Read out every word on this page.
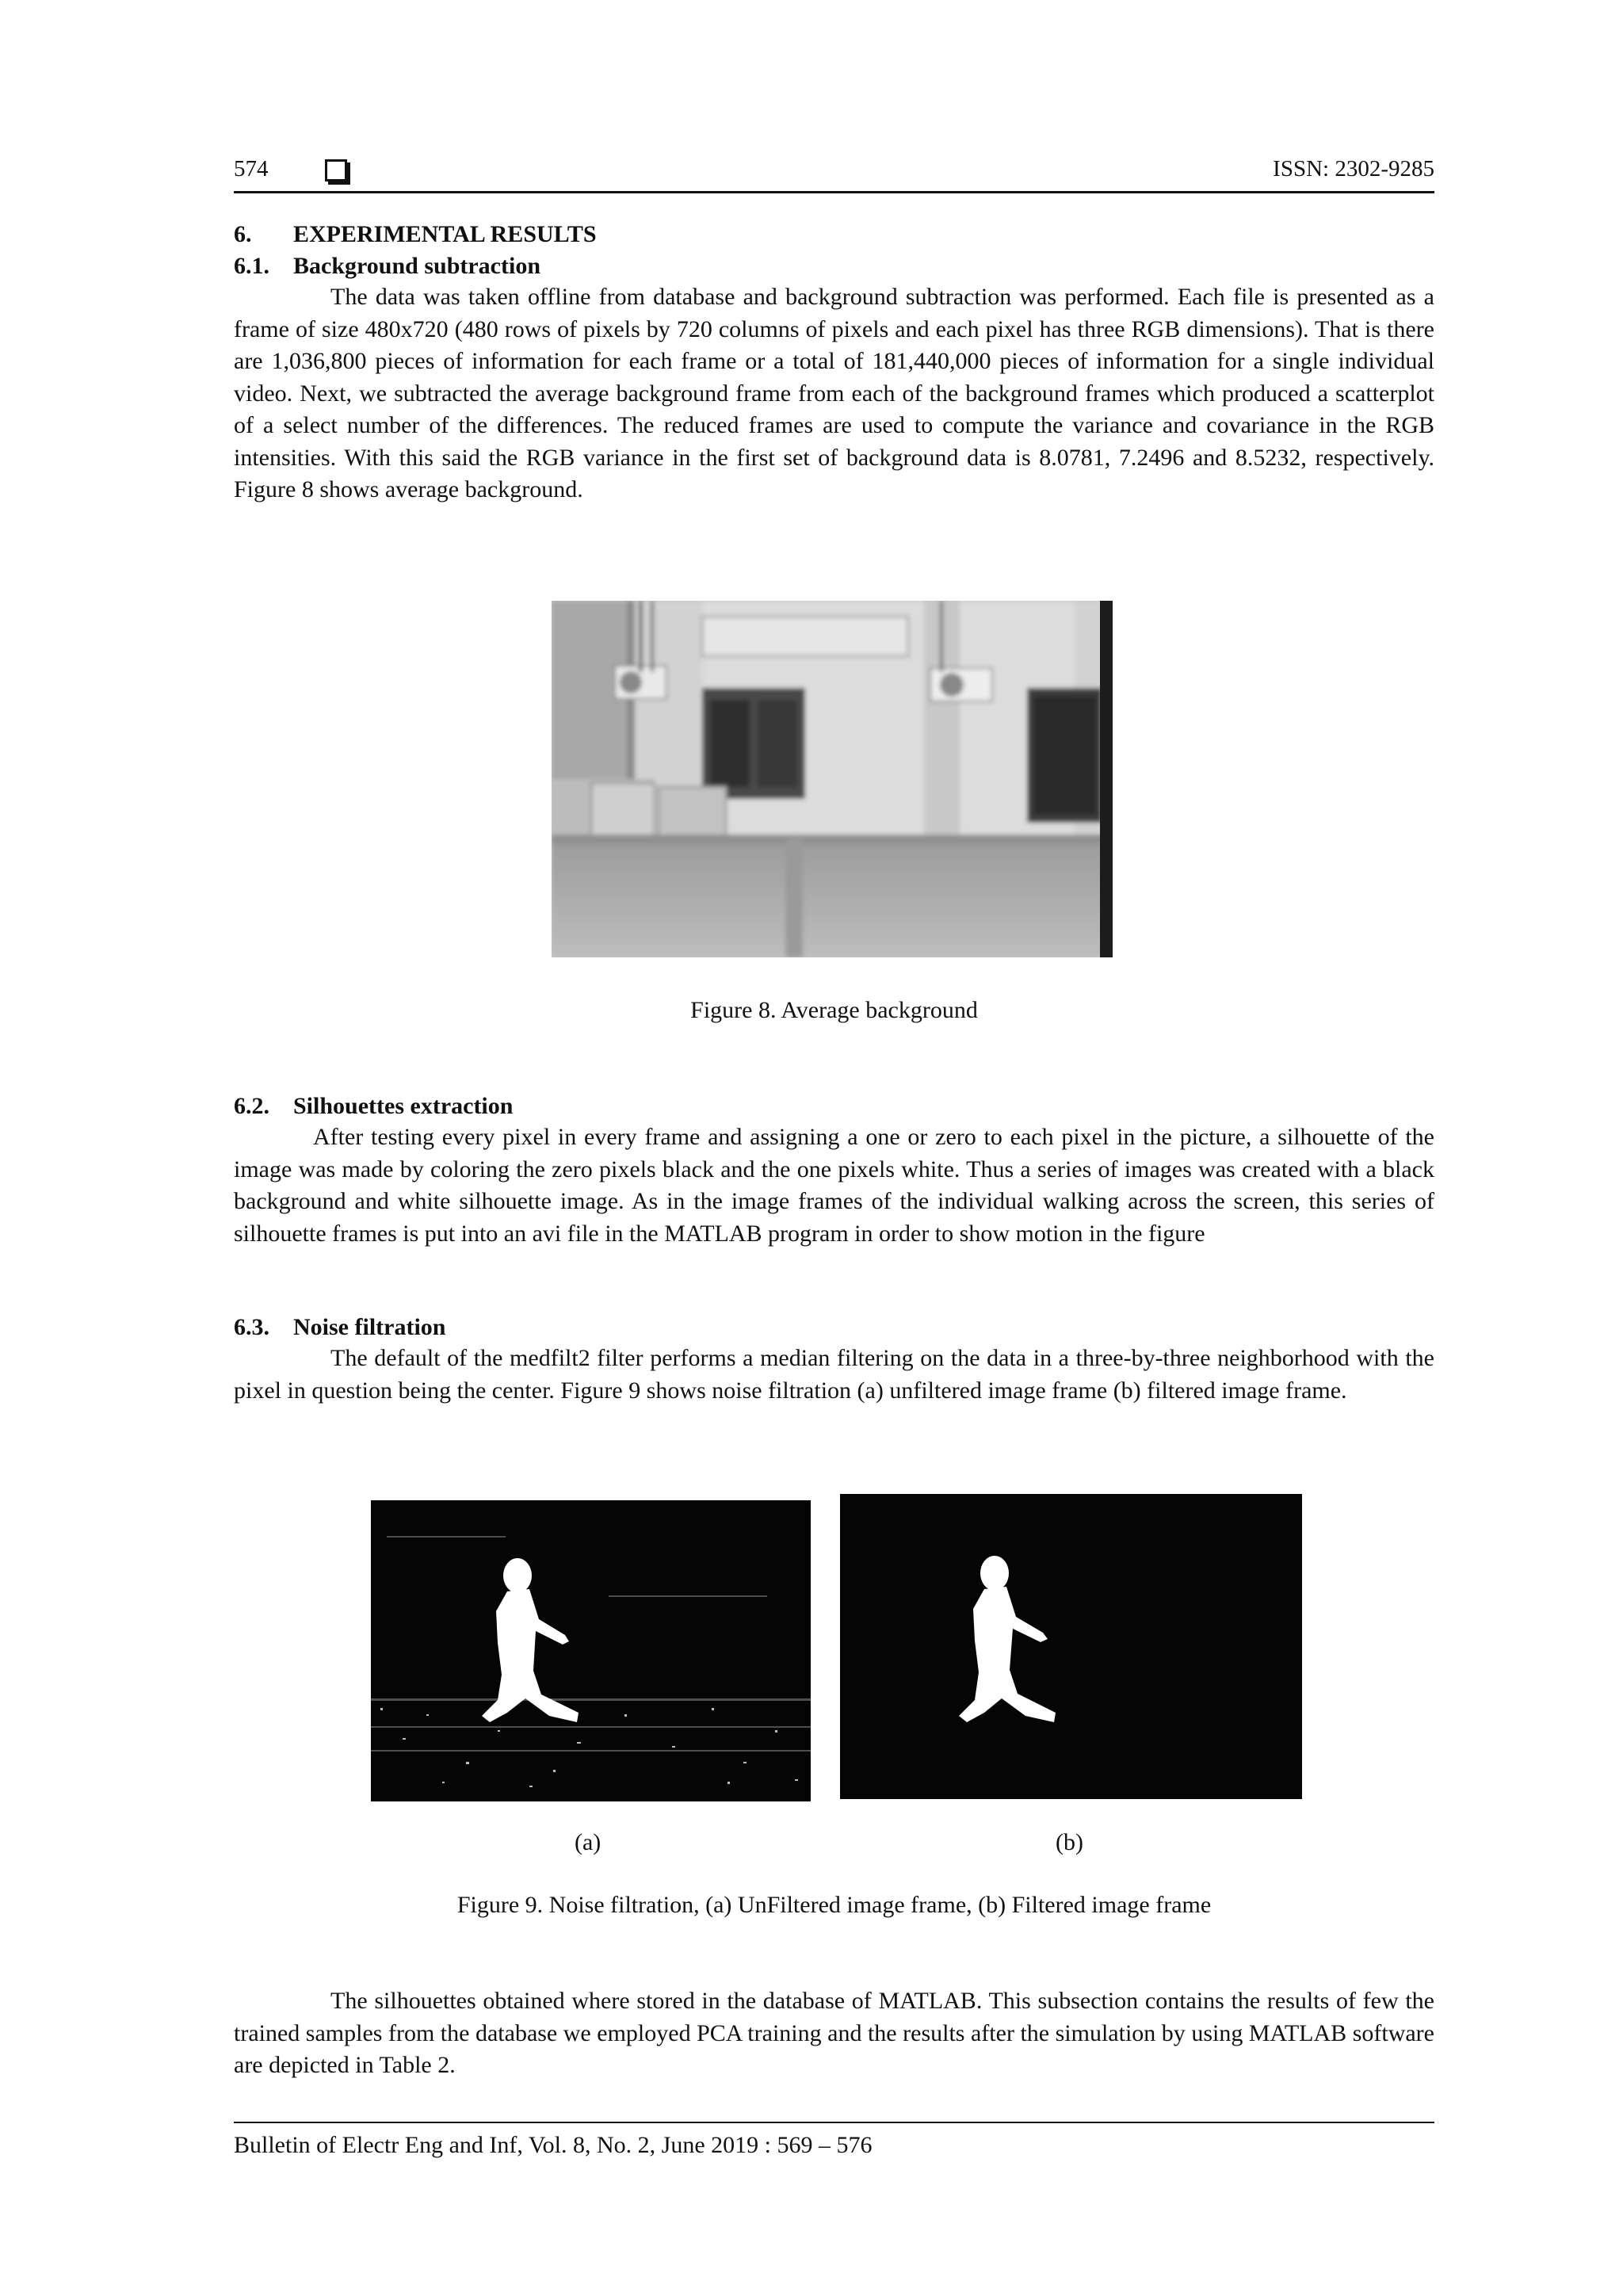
574	ISSN: 2302-9285
6. EXPERIMENTAL RESULTS
6.1. Background subtraction

The data was taken offline from database and background subtraction was performed. Each file is presented as a frame of size 480x720 (480 rows of pixels by 720 columns of pixels and each pixel has three RGB dimensions). That is there are 1,036,800 pieces of information for each frame or a total of 181,440,000 pieces of information for a single individual video. Next, we subtracted the average background frame from each of the background frames which produced a scatterplot of a select number of the differences. The reduced frames are used to compute the variance and covariance in the RGB intensities. With this said the RGB variance in the first set of background data is 8.0781, 7.2496 and 8.5232, respectively. Figure 8 shows average background.

Figure 8. Average background
6.2. Silhouettes extraction

After testing every pixel in every frame and assigning a one or zero to each pixel in the picture, a silhouette of the image was made by coloring the zero pixels black and the one pixels white. Thus a series of images was created with a black background and white silhouette image. As in the image frames of the individual walking across the screen, this series of silhouette frames is put into an avi file in the MATLAB program in order to show motion in the figure

6.3. Noise filtration

The default of the medfilt2 filter performs a median filtering on the data in a three-by-three neighborhood with the pixel in question being the center. Figure 9 shows noise filtration (a) unfiltered image frame (b) filtered image frame.

(a)	(b)
Figure 9. Noise filtration, (a) UnFiltered image frame, (b) Filtered image frame

The silhouettes obtained where stored in the database of MATLAB. This subsection contains the results of few the trained samples from the database we employed PCA training and the results after the simulation by using MATLAB software are depicted in Table 2.

Bulletin of Electr Eng and Inf, Vol. 8, No. 2, June 2019 : 569 – 576
